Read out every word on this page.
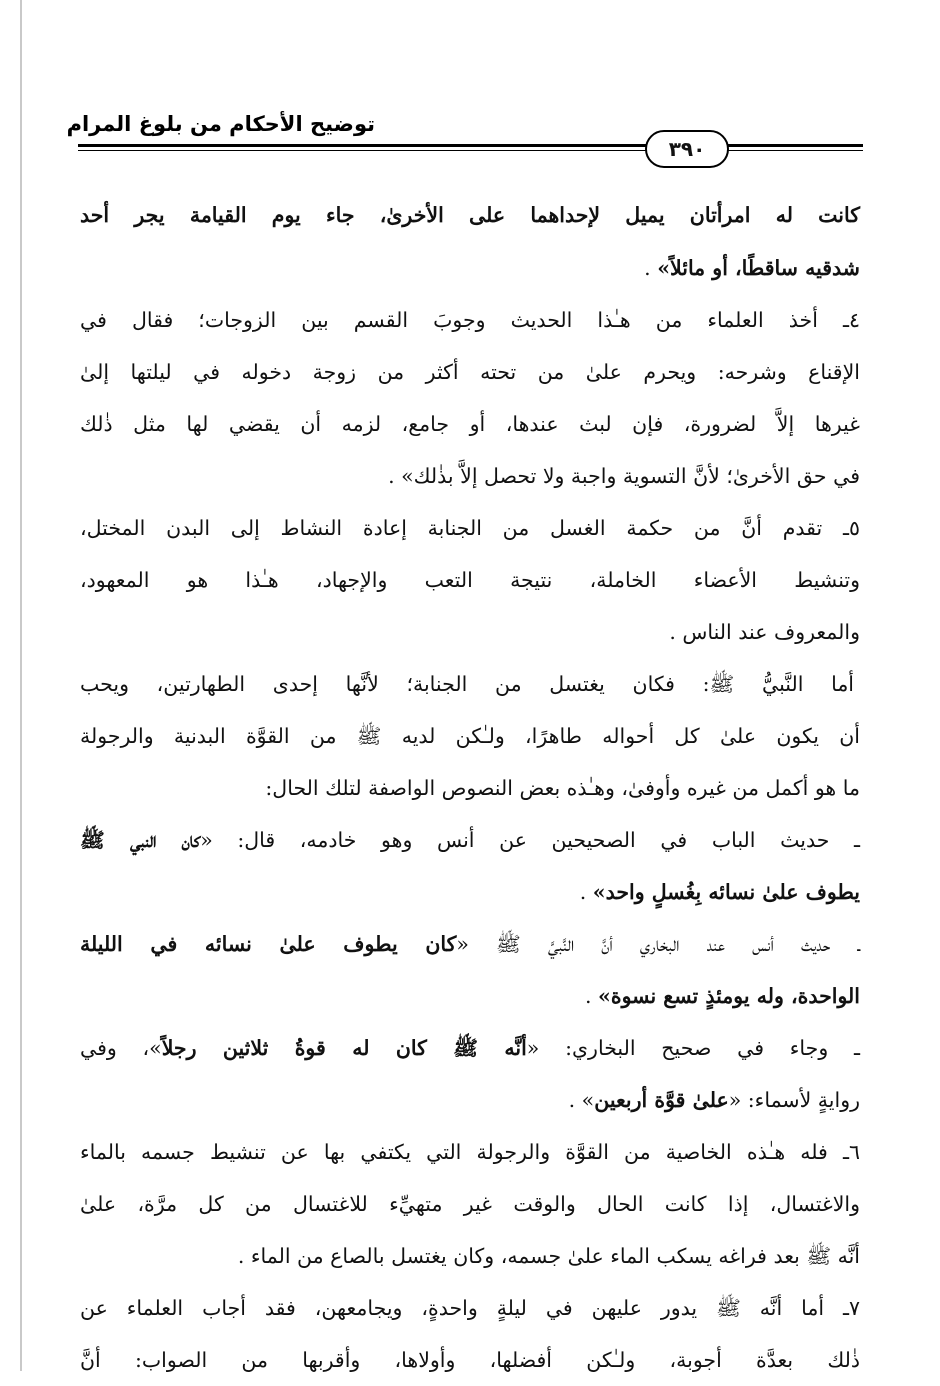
توضيح الأحكام من بلوغ المرام
٣٩٠
كانت له امرأتان يميل لإحداهما على الأخرىٰ، جاء يوم القيامة يجر أحد
شدقيه ساقطًا، أو مائلاً» .
٤ـ أخذ العلماء من هـٰذا الحديث وجوبَ القسم بين الزوجات؛ فقال في
الإقناع وشرحه: ويحرم علىٰ من تحته أكثر من زوجة دخوله في ليلتها إلىٰ
غيرها إلاَّ لضرورة، فإن لبث عندها، أو جامع، لزمه أن يقضي لها مثل ذٰلك
في حق الأخرىٰ؛ لأنَّ التسوية واجبة ولا تحصل إلاَّ بذٰلك» .
٥ـ تقدم أنَّ من حكمة الغسل من الجنابة إعادة النشاط إلى البدن المختل،
وتنشيط الأعضاء الخاملة، نتيجة التعب والإجهاد، هـٰذا هو المعهود،
والمعروف عند الناس .
أما النَّبيُّ ﷺ: فكان يغتسل من الجنابة؛ لأنَّها إحدى الطهارتين، ويحب
أن يكون علىٰ كل أحواله طاهرًا، ولـٰكن لديه ﷺ من القوَّة البدنية والرجولة
ما هو أكمل من غيره وأوفىٰ، وهـٰذه بعض النصوص الواصفة لتلك الحال:
ـ حديث الباب في الصحيحين عن أنس وهو خادمه، قال: «كان النبي ﷺ
يطوف علىٰ نسائه بِغُسلٍ واحد» .
ـ حديث أنس عند البخاري أنَّ النَّبيَّ ﷺ «كان يطوف علىٰ نسائه في الليلة
الواحدة، وله يومئذٍ تسع نسوة» .
ـ وجاء في صحيح البخاري: «أنَّه ﷺ كان له قوةُ ثلاثين رجلاً»، وفي
روايةٍ لأسماء: «علىٰ قوَّة أربعين» .
٦ـ فله هـٰذه الخاصية من القوَّة والرجولة التي يكتفي بها عن تنشيط جسمه بالماء
والاغتسال، إذا كانت الحال والوقت غير متهيِّء للاغتسال من كل مرَّة، علىٰ
أنَّه ﷺ بعد فراغه يسكب الماء علىٰ جسمه، وكان يغتسل بالصاع من الماء .
٧ـ أما أنَّه ﷺ يدور عليهن في ليلةٍ واحدةٍ، ويجامعهن، فقد أجاب العلماء عن
ذٰلك بعدَّة أجوبة، ولـٰكن أفضلها، وأولاها، وأقربها من الصواب: أنَّ
